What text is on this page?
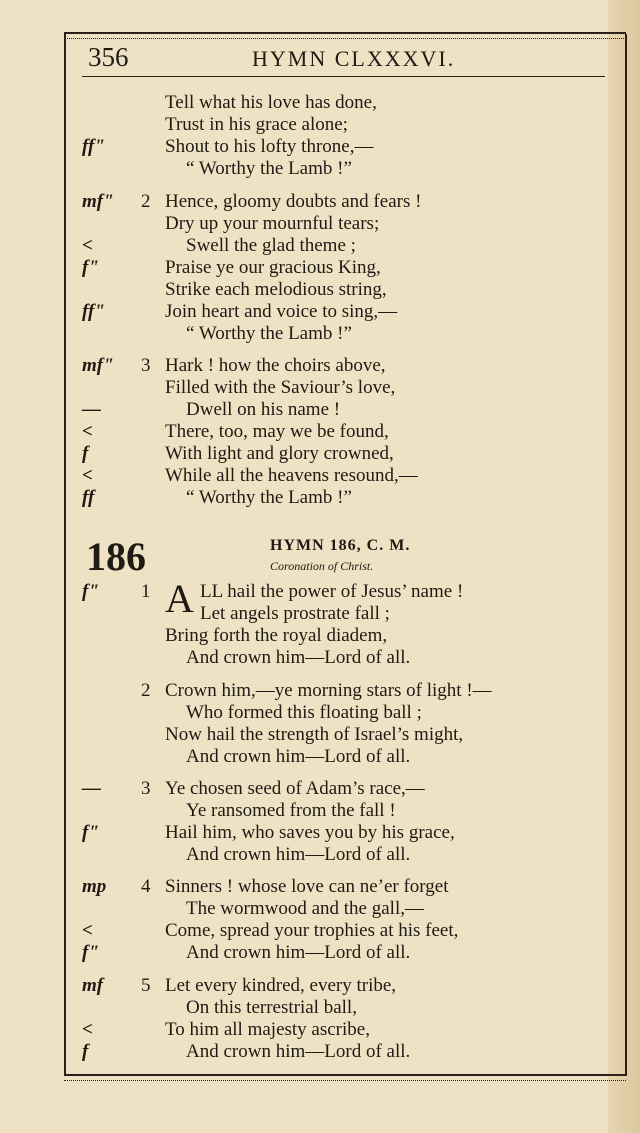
356	HYMN CLXXXVI.
Tell what his love has done,
Trust in his grace alone;
ff"	Shout to his lofty throne,—
“ Worthy the Lamb !”
mf"	2 Hence, gloomy doubts and fears !
Dry up your mournful tears;
<	Swell the glad theme ;
f"	Praise ye our gracious King,
Strike each melodious string,
ff"	Join heart and voice to sing,—
“ Worthy the Lamb !”
mf"	3 Hark ! how the choirs above,
Filled with the Saviour’s love,
—	Dwell on his name !
<	There, too, may we be found,
f	With light and glory crowned,
<	While all the heavens resound,—
ff	“ Worthy the Lamb !”
186	HYMN 186, C. M.
Coronation of Christ.
A
f"	1	LL hail the power of Jesus’ name !
Let angels prostrate fall ;
Bring forth the royal diadem,
And crown him—Lord of all.
2 Crown him,—ye morning stars of light !—
Who formed this floating ball ;
Now hail the strength of Israel’s might,
And crown him—Lord of all.
—	3 Ye chosen seed of Adam’s race,—
Ye ransomed from the fall !
f"	Hail him, who saves you by his grace,
And crown him—Lord of all.
mp	4 Sinners ! whose love can ne’er forget
The wormwood and the gall,—
<	Come, spread your trophies at his feet,
f"	And crown him—Lord of all.
mf	5 Let every kindred, every tribe,
On this terrestrial ball,
<	To him all majesty ascribe,
f	And crown him—Lord of all.
